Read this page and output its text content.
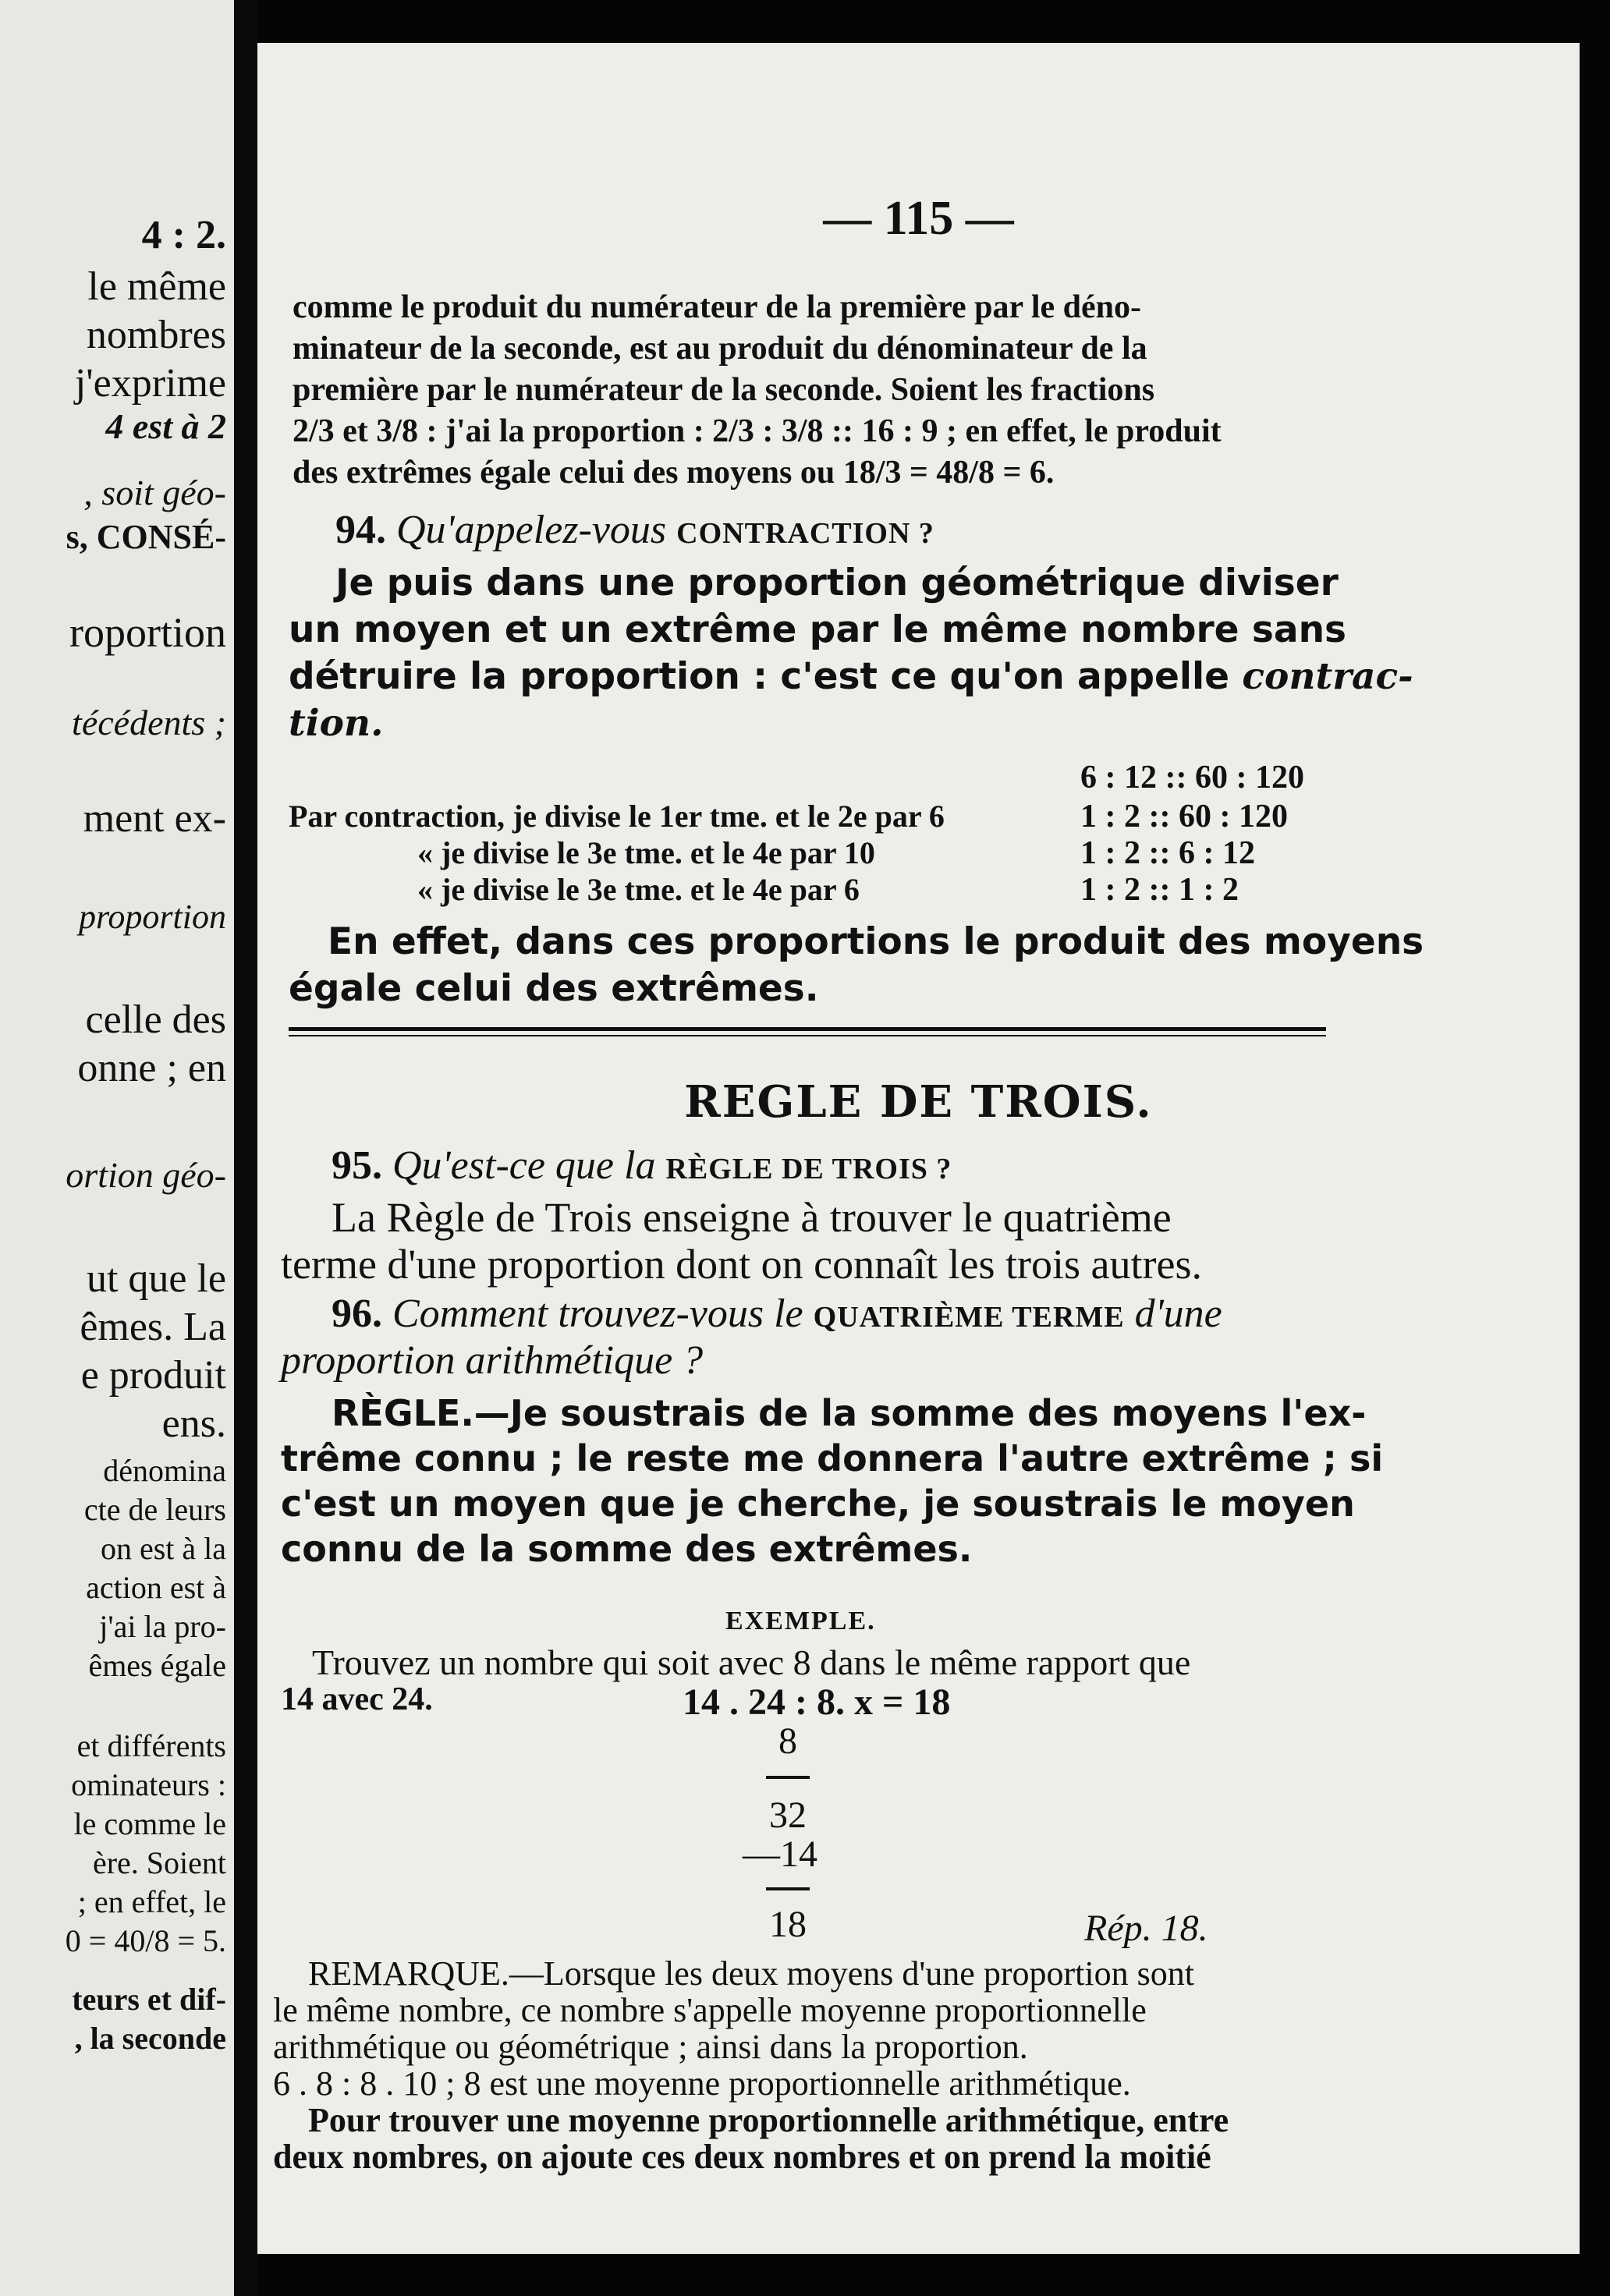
4 : 2.
le même
nombres
j'exprime
4 est à 2
, soit géo-
s, CONSÉ-
roportion
técédents ;
ment ex-
proportion
celle des
onne ; en
ortion géo-
ut que le
êmes. La
e produit
ens.
dénomina
cte de leurs
on est à la
action est à
j'ai la pro-
êmes égale
et différents
ominateurs :
le comme le
ère. Soient
; en effet, le
0 = 40/8 = 5.
teurs et dif-
, la seconde
— 115 —
comme le produit du numérateur de la première par le déno-
minateur de la seconde, est au produit du dénominateur de la
première par le numérateur de la seconde. Soient les fractions
2/3 et 3/8 : j'ai la proportion : 2/3 : 3/8 :: 16 : 9 ; en effet, le produit
des extrêmes égale celui des moyens ou 18/3 = 48/8 = 6.
94. Qu'appelez-vous CONTRACTION ?
Je puis dans une proportion géométrique diviser
un moyen et un extrême par le même nombre sans
détruire la proportion : c'est ce qu'on appelle contrac-
tion.
6 : 12 :: 60 : 120
Par contraction, je divise le 1er tme. et le 2e par 6	1 : 2 :: 60 : 120
« je divise le 3e tme. et le 4e par 10	1 : 2 :: 6 : 12
« je divise le 3e tme. et le 4e par 6	1 : 2 :: 1 : 2
En effet, dans ces proportions le produit des moyens
égale celui des extrêmes.
REGLE DE TROIS.
95. Qu'est-ce que la RÈGLE DE TROIS ?
La Règle de Trois enseigne à trouver le quatrième
terme d'une proportion dont on connaît les trois autres.
96. Comment trouvez-vous le QUATRIÈME TERME d'une
proportion arithmétique ?
RÈGLE.—Je soustrais de la somme des moyens l'ex-
trême connu ; le reste me donnera l'autre extrême ; si
c'est un moyen que je cherche, je soustrais le moyen
connu de la somme des extrêmes.
EXEMPLE.
Trouvez un nombre qui soit avec 8 dans le même rapport que
14 avec 24.	14 . 24 : 8. x = 18
8
32
—14
18	Rép. 18.
REMARQUE.—Lorsque les deux moyens d'une proportion sont
le même nombre, ce nombre s'appelle moyenne proportionnelle
arithmétique ou géométrique ; ainsi dans la proportion.
6 . 8 : 8 . 10 ; 8 est une moyenne proportionnelle arithmétique.
Pour trouver une moyenne proportionnelle arithmétique, entre
deux nombres, on ajoute ces deux nombres et on prend la moitié
